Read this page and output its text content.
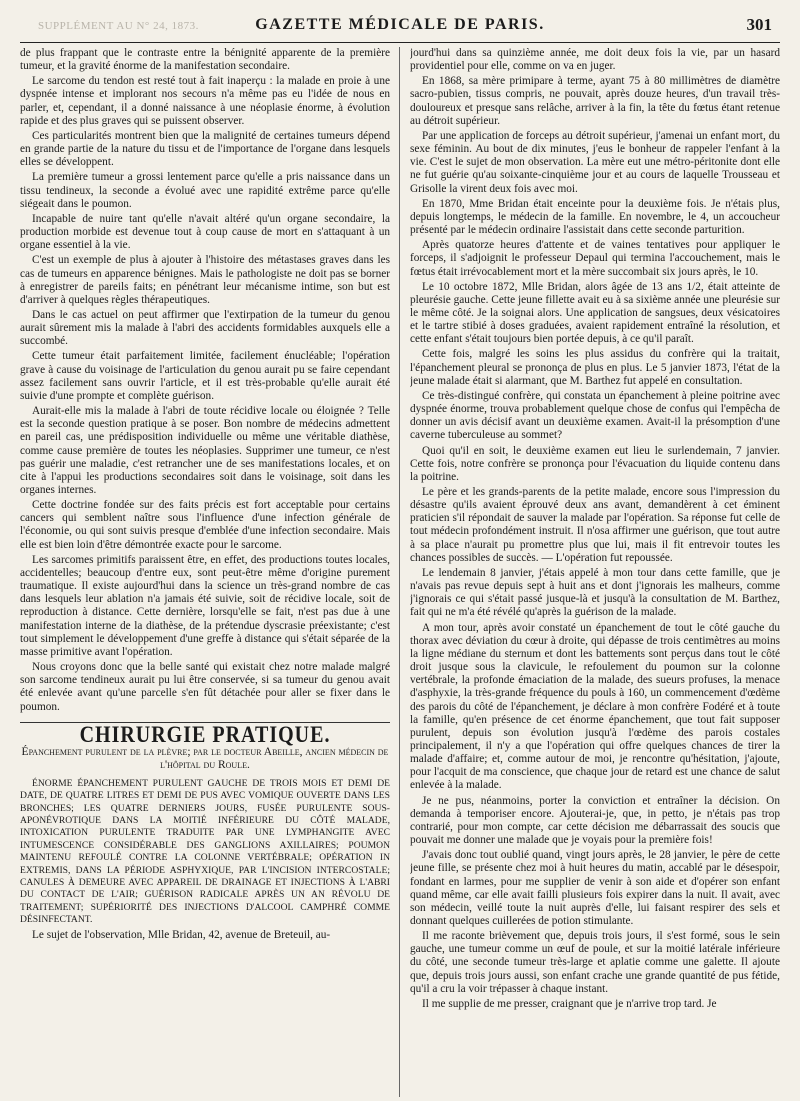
SUPPLÉMENT AU N° 24, 1873.	GAZETTE MÉDICALE DE PARIS.	301

de plus frappant que le contraste entre la bénignité apparente de la première tumeur, et la gravité énorme de la manifestation secondaire.

Le sarcome du tendon est resté tout à fait inaperçu : la malade en proie à une dyspnée intense et implorant nos secours n'a même pas eu l'idée de nous en parler, et, cependant, il a donné naissance à une néoplasie énorme, à évolution rapide et des plus graves qui se puissent observer.

Ces particularités montrent bien que la malignité de certaines tumeurs dépend en grande partie de la nature du tissu et de l'importance de l'organe dans lesquels elles se développent.

La première tumeur a grossi lentement parce qu'elle a pris naissance dans un tissu tendineux, la seconde a évolué avec une rapidité extrême parce qu'elle siégeait dans le poumon.

Incapable de nuire tant qu'elle n'avait altéré qu'un organe secondaire, la production morbide est devenue tout à coup cause de mort en s'attaquant à un organe essentiel à la vie.

C'est un exemple de plus à ajouter à l'histoire des métastases graves dans les cas de tumeurs en apparence bénignes. Mais le pathologiste ne doit pas se borner à enregistrer de pareils faits; en pénétrant leur mécanisme intime, son but est d'arriver à quelques règles thérapeutiques.

Dans le cas actuel on peut affirmer que l'extirpation de la tumeur du genou aurait sûrement mis la malade à l'abri des accidents formidables auxquels elle a succombé.

Cette tumeur était parfaitement limitée, facilement énucléable; l'opération grave à cause du voisinage de l'articulation du genou aurait pu se faire cependant assez facilement sans ouvrir l'article, et il est très-probable qu'elle aurait été suivie d'une prompte et complète guérison.

Aurait-elle mis la malade à l'abri de toute récidive locale ou éloignée ? Telle est la seconde question pratique à se poser. Bon nombre de médecins admettent en pareil cas, une prédisposition individuelle ou même une véritable diathèse, comme cause première de toutes les néoplasies. Supprimer une tumeur, ce n'est pas guérir une maladie, c'est retrancher une de ses manifestations locales, et on cite à l'appui les productions secondaires soit dans le voisinage, soit dans les organes internes.

Cette doctrine fondée sur des faits précis est fort acceptable pour certains cancers qui semblent naître sous l'influence d'une infection générale de l'économie, ou qui sont suivis presque d'emblée d'une infection secondaire. Mais elle est bien loin d'être démontrée exacte pour le sarcome.

Les sarcomes primitifs paraissent être, en effet, des productions toutes locales, accidentelles; beaucoup d'entre eux, sont peut-être même d'origine purement traumatique. Il existe aujourd'hui dans la science un très-grand nombre de cas dans lesquels leur ablation n'a jamais été suivie, soit de récidive locale, soit de reproduction à distance. Cette dernière, lorsqu'elle se fait, n'est pas due à une manifestation interne de la diathèse, de la prétendue dyscrasie préexistante; c'est tout simplement le développement d'une greffe à distance qui s'était séparée de la masse primitive avant l'opération.

Nous croyons donc que la belle santé qui existait chez notre malade malgré son sarcome tendineux aurait pu lui être conservée, si sa tumeur du genou avait été enlevée avant qu'une parcelle s'en fût détachée pour aller se fixer dans le poumon.

CHIRURGIE PRATIQUE.
Épanchement purulent de la plèvre; par le docteur Abeille, ancien médecin de l'hôpital du Roule.

ÉNORME ÉPANCHEMENT PURULENT GAUCHE DE TROIS MOIS ET DEMI DE DATE, DE QUATRE LITRES ET DEMI DE PUS AVEC VOMIQUE OUVERTE DANS LES BRONCHES; LES QUATRE DERNIERS JOURS, FUSÉE PURULENTE SOUS-APONÉVROTIQUE DANS LA MOITIÉ INFÉRIEURE DU CÔTÉ MALADE, INTOXICATION PURULENTE TRADUITE PAR UNE LYMPHANGITE AVEC INTUMESCENCE CONSIDÉRABLE DES GANGLIONS AXILLAIRES; POUMON MAINTENU REFOULÉ CONTRE LA COLONNE VERTÉBRALE; OPÉRATION IN EXTREMIS, DANS LA PÉRIODE ASPHYXIQUE, PAR L'INCISION INTERCOSTALE; CANULES À DEMEURE AVEC APPAREIL DE DRAINAGE ET INJECTIONS À L'ABRI DU CONTACT DE L'AIR; GUÉRISON RADICALE APRÈS UN AN RÉVOLU DE TRAITEMENT; SUPÉRIORITÉ DES INJECTIONS D'ALCOOL CAMPHRÉ COMME DÉSINFECTANT.

Le sujet de l'observation, Mlle Bridan, 42, avenue de Breteuil, au-

jourd'hui dans sa quinzième année, me doit deux fois la vie, par un hasard providentiel pour elle, comme on va en juger.

En 1868, sa mère primipare à terme, ayant 75 à 80 millimètres de diamètre sacro-pubien, tissus compris, ne pouvait, après douze heures, d'un travail très-douloureux et presque sans relâche, arriver à la fin, la tête du fœtus étant retenue au détroit supérieur.

Par une application de forceps au détroit supérieur, j'amenai un enfant mort, du sexe féminin. Au bout de dix minutes, j'eus le bonheur de rappeler l'enfant à la vie. C'est le sujet de mon observation. La mère eut une métro-péritonite dont elle ne fut guérie qu'au soixante-cinquième jour et au cours de laquelle Trousseau et Grisolle la virent deux fois avec moi.

En 1870, Mme Bridan était enceinte pour la deuxième fois. Je n'étais plus, depuis longtemps, le médecin de la famille. En novembre, le 4, un accoucheur présenté par le médecin ordinaire l'assistait dans cette seconde parturition.

Après quatorze heures d'attente et de vaines tentatives pour appliquer le forceps, il s'adjoignit le professeur Depaul qui termina l'accouchement, mais le fœtus était irrévocablement mort et la mère succombait six jours après, le 10.

Le 10 octobre 1872, Mlle Bridan, alors âgée de 13 ans 1/2, était atteinte de pleurésie gauche. Cette jeune fillette avait eu à sa sixième année une pleurésie sur le même côté. Je la soignai alors. Une application de sangsues, deux vésicatoires et le tartre stibié à doses graduées, avaient rapidement entraîné la résolution, et cette enfant s'était toujours bien portée depuis, à ce qu'il paraît.

Cette fois, malgré les soins les plus assidus du confrère qui la traitait, l'épanchement pleural se prononça de plus en plus. Le 5 janvier 1873, l'état de la jeune malade était si alarmant, que M. Barthez fut appelé en consultation.

Ce très-distingué confrère, qui constata un épanchement à pleine poitrine avec dyspnée énorme, trouva probablement quelque chose de confus qui l'empêcha de donner un avis décisif avant un deuxième examen. Avait-il la présomption d'une caverne tuberculeuse au sommet?

Quoi qu'il en soit, le deuxième examen eut lieu le surlendemain, 7 janvier. Cette fois, notre confrère se prononça pour l'évacuation du liquide contenu dans la poitrine.

Le père et les grands-parents de la petite malade, encore sous l'impression du désastre qu'ils avaient éprouvé deux ans avant, demandèrent à cet éminent praticien s'il répondait de sauver la malade par l'opération. Sa réponse fut celle de tout médecin profondément instruit. Il n'osa affirmer une guérison, que tout autre à sa place n'aurait pu promettre plus que lui, mais il fit entrevoir toutes les chances possibles de succès. — L'opération fut repoussée.

Le lendemain 8 janvier, j'étais appelé à mon tour dans cette famille, que je n'avais pas revue depuis sept à huit ans et dont j'ignorais les malheurs, comme j'ignorais ce qui s'était passé jusque-là et jusqu'à la consultation de M. Barthez, fait qui ne m'a été révélé qu'après la guérison de la malade.

A mon tour, après avoir constaté un épanchement de tout le côté gauche du thorax avec déviation du cœur à droite, qui dépasse de trois centimètres au moins la ligne médiane du sternum et dont les battements sont perçus dans tout le côté droit jusque sous la clavicule, le refoulement du poumon sur la colonne vertébrale, la profonde émaciation de la malade, des sueurs profuses, la menace d'asphyxie, la très-grande fréquence du pouls à 160, un commencement d'œdème des parois du côté de l'épanchement, je déclare à mon confrère Fodéré et à toute la famille, qu'en présence de cet énorme épanchement, que tout fait supposer purulent, depuis son évolution jusqu'à l'œdème des parois costales principalement, il n'y a que l'opération qui offre quelques chances de tirer la malade d'affaire; et, comme autour de moi, je rencontre qu'hésitation, j'ajoute, pour l'acquit de ma conscience, que chaque jour de retard est une chance de salut enlevée à la malade.

Je ne pus, néanmoins, porter la conviction et entraîner la décision. On demanda à temporiser encore. Ajouterai-je, que, in petto, je n'étais pas trop contrarié, pour mon compte, car cette décision me débarrassait des soucis que pouvait me donner une malade que je voyais pour la première fois!

J'avais donc tout oublié quand, vingt jours après, le 28 janvier, le père de cette jeune fille, se présente chez moi à huit heures du matin, accablé par le désespoir, fondant en larmes, pour me supplier de venir à son aide et d'opérer son enfant quand même, car elle avait failli plusieurs fois expirer dans la nuit. Il avait, avec son médecin, veillé toute la nuit auprès d'elle, lui faisant respirer des sels et donnant quelques cuillerées de potion stimulante.

Il me raconte brièvement que, depuis trois jours, il s'est formé, sous le sein gauche, une tumeur comme un œuf de poule, et sur la moitié latérale inférieure du côté, une seconde tumeur très-large et aplatie comme une galette. Il ajoute que, depuis trois jours aussi, son enfant crache une grande quantité de pus fétide, qu'il a cru la voir trépasser à chaque instant.

Il me supplie de me presser, craignant que je n'arrive trop tard. Je
